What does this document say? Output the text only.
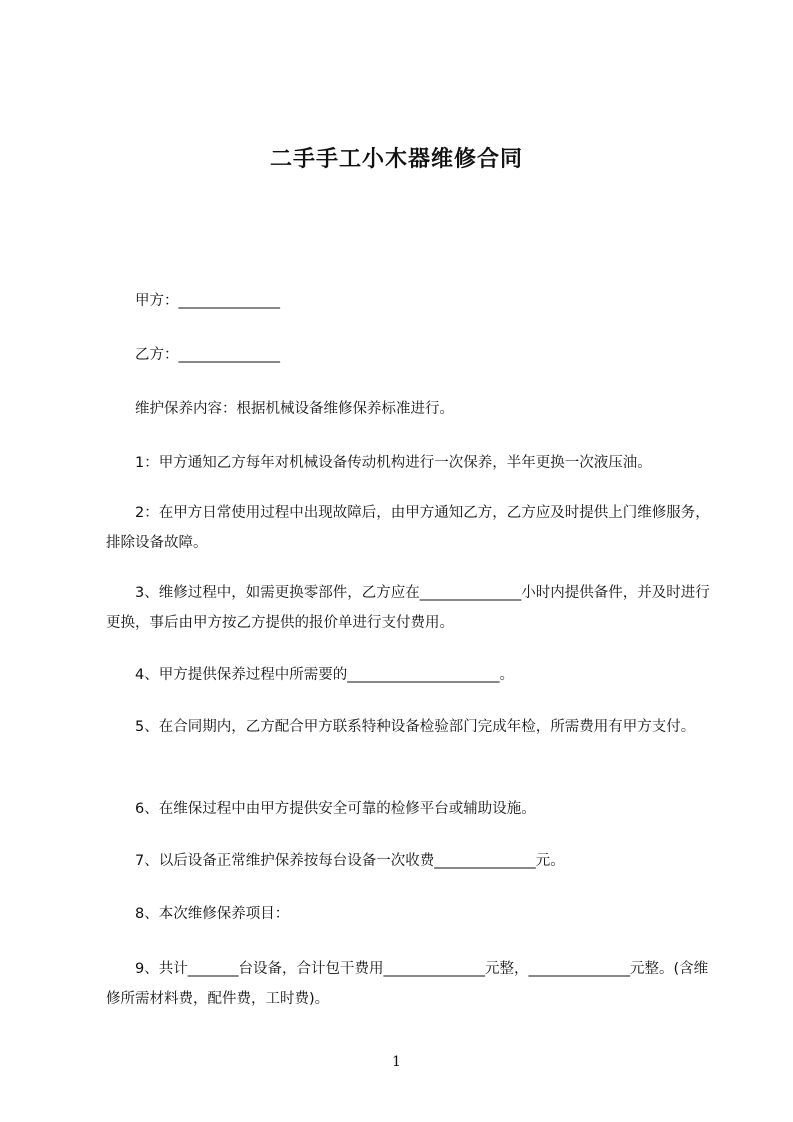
二手手工小木器维修合同

　　甲方：______________

　　乙方：______________

　　维护保养内容：根据机械设备维修保养标准进行。

　　1：甲方通知乙方每年对机械设备传动机构进行一次保养，半年更换一次液压油。

　　2：在甲方日常使用过程中出现故障后，由甲方通知乙方，乙方应及时提供上门维修服务，排除设备故障。

　　3、维修过程中，如需更换零部件，乙方应在______________小时内提供备件，并及时进行更换，事后由甲方按乙方提供的报价单进行支付费用。

　　4、甲方提供保养过程中所需要的_____________________。

　　5、在合同期内，乙方配合甲方联系特种设备检验部门完成年检，所需费用有甲方支付。

　　6、在维保过程中由甲方提供安全可靠的检修平台或辅助设施。

　　7、以后设备正常维护保养按每台设备一次收费______________元。

　　8、本次维修保养项目：

　　9、共计_______台设备，合计包干费用______________元整，______________元整。(含维修所需材料费，配件费，工时费)。

1
